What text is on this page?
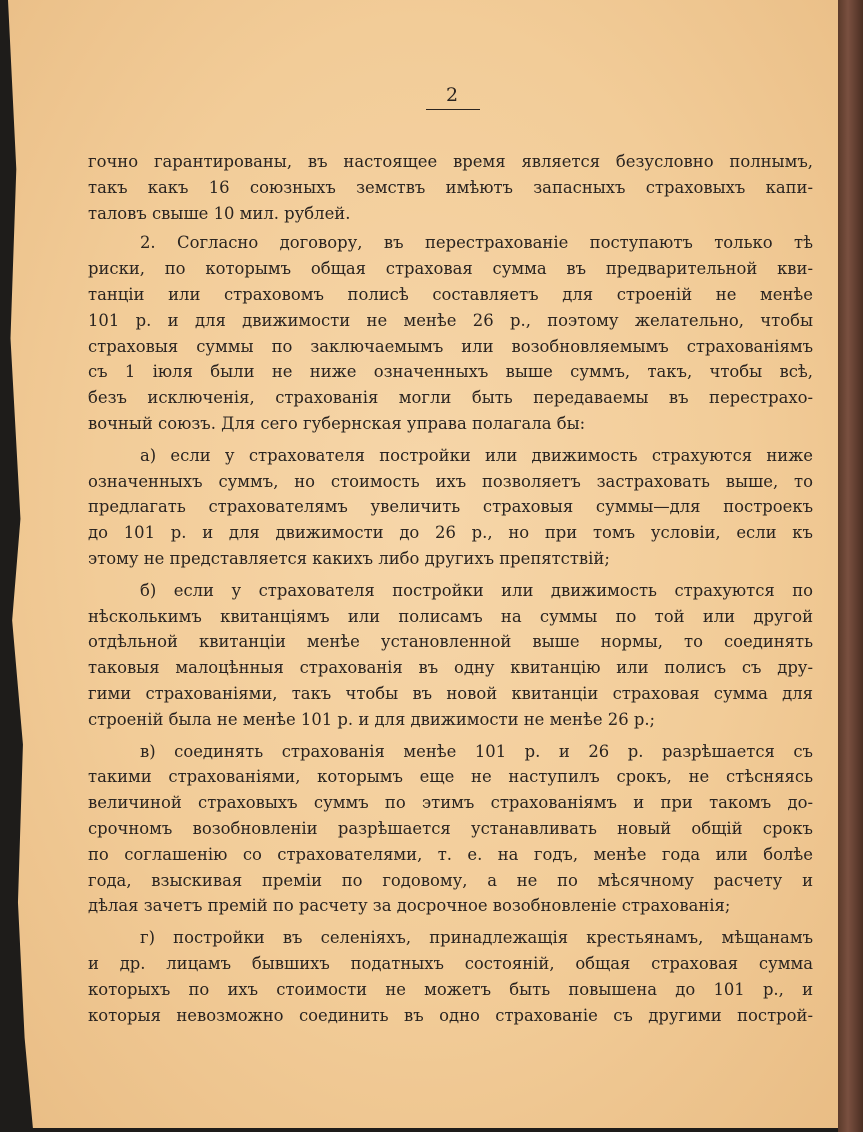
2
гочно гарантированы, въ настоящее время является безусловно полнымъ,
такъ какъ 16 союзныхъ земствъ имѣютъ запасныхъ страховыхъ капи-
таловъ свыше 10 мил. рублей.
2. Согласно договору, въ перестрахованіе поступаютъ только тѣ
риски, по которымъ общая страховая сумма въ предварительной кви-
танціи или страховомъ полисѣ составляетъ для строеній не менѣе
101 р. и для движимости не менѣе 26 р., поэтому желательно, чтобы
страховыя суммы по заключаемымъ или возобновляемымъ страхованіямъ
съ 1 іюля были не ниже означенныхъ выше суммъ, такъ, чтобы всѣ,
безъ исключенія, страхованія могли быть передаваемы въ перестрахо-
вочный союзъ. Для сего губернская управа полагала бы:
а) если у страхователя постройки или движимость страхуются ниже
означенныхъ суммъ, но стоимость ихъ позволяетъ застраховать выше, то
предлагать страхователямъ увеличить страховыя суммы—для построекъ
до 101 р. и для движимости до 26 р., но при томъ условіи, если къ
этому не представляется какихъ либо другихъ препятствій;
б) если у страхователя постройки или движимость страхуются по
нѣсколькимъ квитанціямъ или полисамъ на суммы по той или другой
отдѣльной квитанціи менѣе установленной выше нормы, то соединять
таковыя малоцѣнныя страхованія въ одну квитанцію или полисъ съ дру-
гими страхованіями, такъ чтобы въ новой квитанціи страховая сумма для
строеній была не менѣе 101 р. и для движимости не менѣе 26 р.;
в) соединять страхованія менѣе 101 р. и 26 р. разрѣшается съ
такими страхованіями, которымъ еще не наступилъ срокъ, не стѣсняясь
величиной страховыхъ суммъ по этимъ страхованіямъ и при такомъ до-
срочномъ возобновленіи разрѣшается устанавливать новый общій срокъ
по соглашенію со страхователями, т. е. на годъ, менѣе года или болѣе
года, взыскивая преміи по годовому, а не по мѣсячному расчету и
дѣлая зачетъ премій по расчету за досрочное возобновленіе страхованія;
г) постройки въ селеніяхъ, принадлежащія крестьянамъ, мѣщанамъ
и др. лицамъ бывшихъ податныхъ состояній, общая страховая сумма
которыхъ по ихъ стоимости не можетъ быть повышена до 101 р., и
которыя невозможно соединить въ одно страхованіе съ другими построй-
